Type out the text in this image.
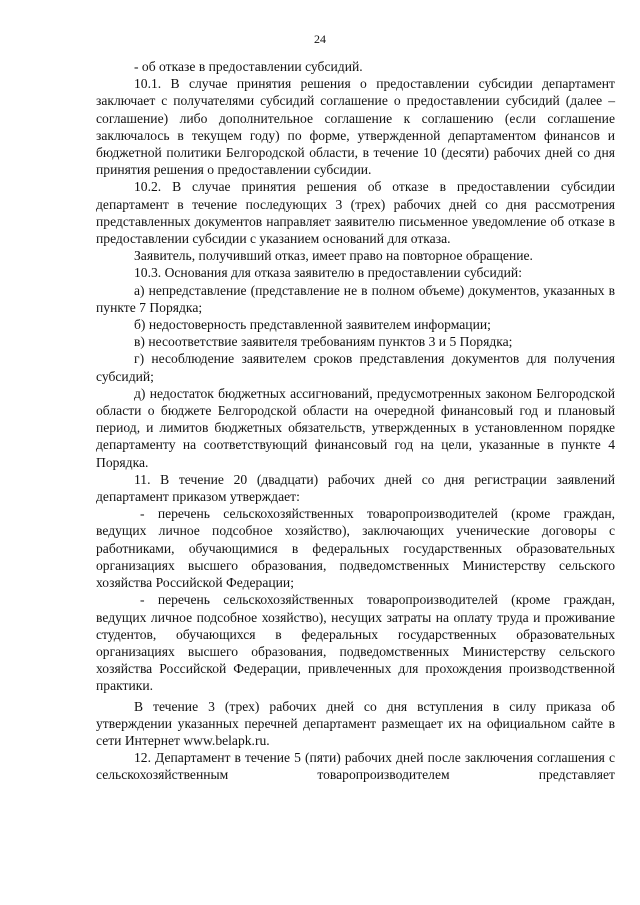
24

- об отказе в предоставлении субсидий.

10.1. В случае принятия решения о предоставлении субсидии департамент заключает с получателями субсидий соглашение о предоставлении субсидий (далее – соглашение) либо дополнительное соглашение к соглашению (если соглашение заключалось в текущем году) по форме, утвержденной департаментом финансов и бюджетной политики Белгородской области, в течение 10 (десяти) рабочих дней со дня принятия решения о предоставлении субсидии.

10.2. В случае принятия решения об отказе в предоставлении субсидии департамент в течение последующих 3 (трех) рабочих дней со дня рассмотрения представленных документов направляет заявителю письменное уведомление об отказе в предоставлении субсидии с указанием оснований для отказа.

Заявитель, получивший отказ, имеет право на повторное обращение.

10.3. Основания для отказа заявителю в предоставлении субсидий:

а) непредставление (представление не в полном объеме) документов, указанных в пункте 7 Порядка;

б) недостоверность представленной заявителем информации;

в) несоответствие заявителя требованиям пунктов 3 и 5 Порядка;

г) несоблюдение заявителем сроков представления документов для получения субсидий;

д) недостаток бюджетных ассигнований, предусмотренных законом Белгородской области о бюджете Белгородской области на очередной финансовый год и плановый период, и лимитов бюджетных обязательств, утвержденных в установленном порядке департаменту на соответствующий финансовый год на цели, указанные в пункте 4 Порядка.

11. В течение 20 (двадцати) рабочих дней со дня регистрации заявлений департамент приказом утверждает:

- перечень сельскохозяйственных товаропроизводителей (кроме граждан, ведущих личное подсобное хозяйство), заключающих ученические договоры с работниками, обучающимися в федеральных государственных образовательных организациях высшего образования, подведомственных Министерству сельского хозяйства Российской Федерации;

- перечень сельскохозяйственных товаропроизводителей (кроме граждан, ведущих личное подсобное хозяйство), несущих затраты на оплату труда и проживание студентов, обучающихся в федеральных государственных образовательных организациях высшего образования, подведомственных Министерству сельского хозяйства Российской Федерации, привлеченных для прохождения производственной практики.

В течение 3 (трех) рабочих дней со дня вступления в силу приказа об утверждении указанных перечней департамент размещает их на официальном сайте в сети Интернет www.belapk.ru.

12. Департамент в течение 5 (пяти) рабочих дней после заключения соглашения с сельскохозяйственным товаропроизводителем представляет
